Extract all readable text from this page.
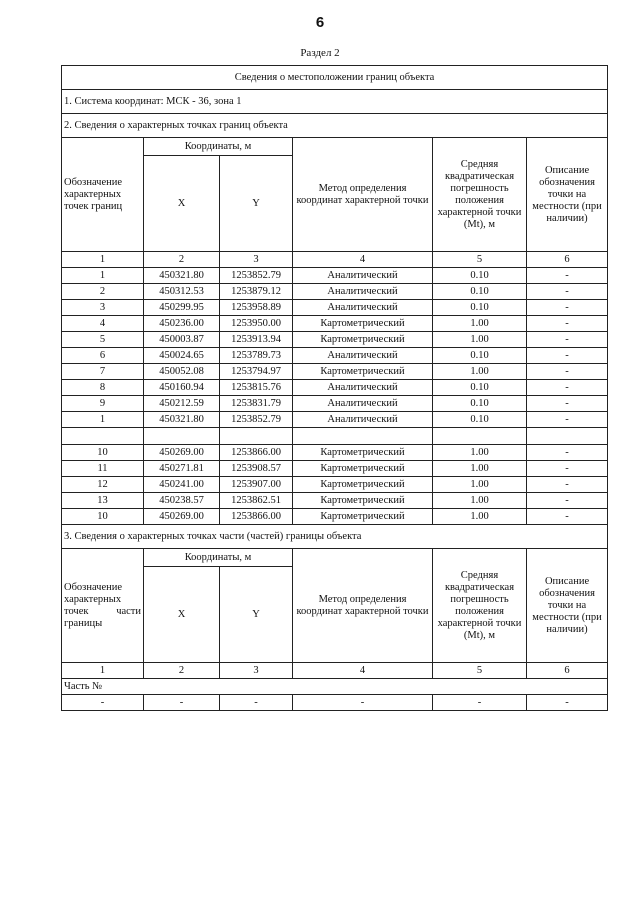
6
Раздел 2
Сведения о местоположении границ объекта					
1. Система координат: МСК - 36, зона 1					
2. Сведения о характерных точках границ объекта					
Обозначение характерных точек границ	Координаты, м		Метод определения координат характерной точки	Средняя квадратическая погрешность положения характерной точки (Mt), м	Описание обозначения точки на местности (при наличии)
	X	Y			
1	2	3	4	5	6
1	450321.80	1253852.79	Аналитический	0.10	-
2	450312.53	1253879.12	Аналитический	0.10	-
3	450299.95	1253958.89	Аналитический	0.10	-
4	450236.00	1253950.00	Картометрический	1.00	-
5	450003.87	1253913.94	Картометрический	1.00	-
6	450024.65	1253789.73	Аналитический	0.10	-
7	450052.08	1253794.97	Картометрический	1.00	-
8	450160.94	1253815.76	Аналитический	0.10	-
9	450212.59	1253831.79	Аналитический	0.10	-
1	450321.80	1253852.79	Аналитический	0.10	-

10	450269.00	1253866.00	Картометрический	1.00	-
11	450271.81	1253908.57	Картометрический	1.00	-
12	450241.00	1253907.00	Картометрический	1.00	-
13	450238.57	1253862.51	Картометрический	1.00	-
10	450269.00	1253866.00	Картометрический	1.00	-
3. Сведения о характерных точках части (частей) границы объекта					
Обозначение характерных точек части границы	Координаты, м		Метод определения координат характерной точки	Средняя квадратическая погрешность положения характерной точки (Mt), м	Описание обозначения точки на местности (при наличии)
	X	Y			
1	2	3	4	5	6
Часть №					
-	-	-	-	-	-
